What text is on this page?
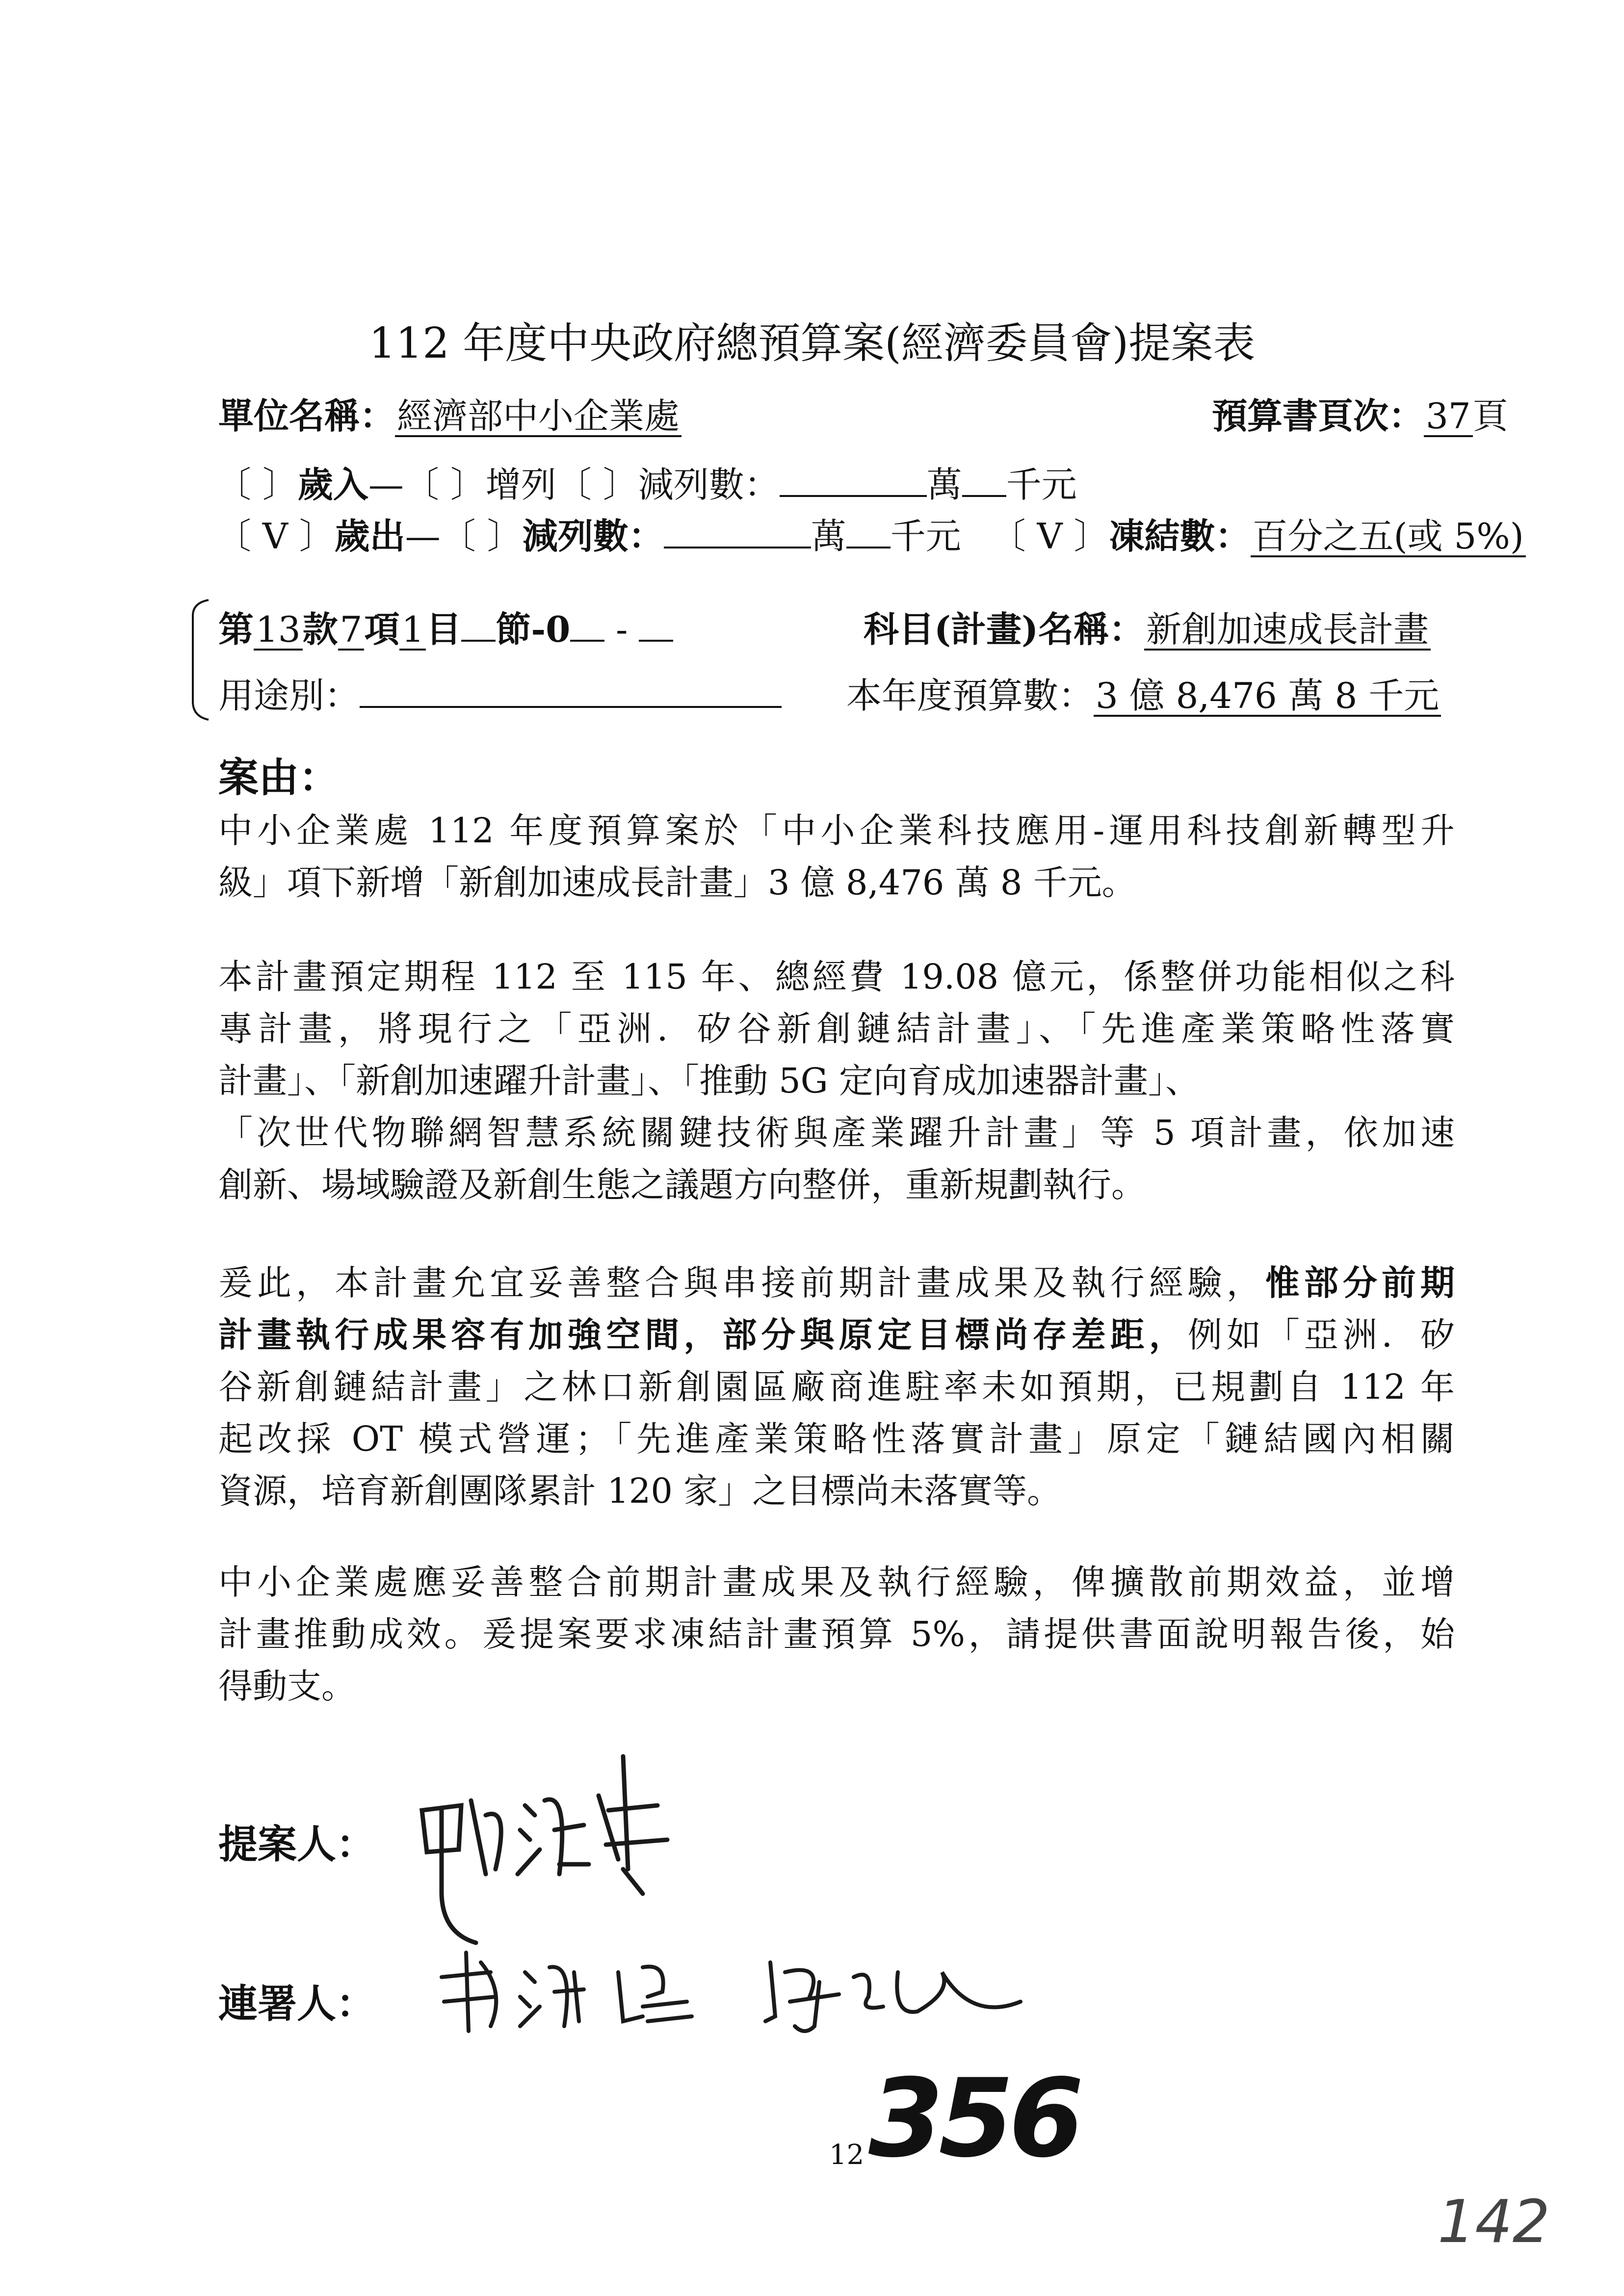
112 年度中央政府總預算案(經濟委員會)提案表
單位名稱：經濟部中小企業處	預算書頁次：37頁
〔 〕歲入—〔 〕增列〔 〕減列數：	萬 千元
〔 V 〕歲出—〔 〕減列數：	萬 千元 〔 V 〕凍結數：百分之五(或 5%)
第13款7項1目 節-0 -	科目(計畫)名稱：新創加速成長計畫
用途別：	本年度預算數：3 億 8,476 萬 8 千元
案由：
中小企業處 112 年度預算案於「中小企業科技應用-運用科技創新轉型升
級」項下新增「新創加速成長計畫」3 億 8,476 萬 8 千元。
本計畫預定期程 112 至 115 年、總經費 19.08 億元，係整併功能相似之科
專計畫，將現行之「亞洲．矽谷新創鏈結計畫」、「先進產業策略性落實
計畫」、「新創加速躍升計畫」、「推動 5G 定向育成加速器計畫」、
「次世代物聯網智慧系統關鍵技術與產業躍升計畫」等 5 項計畫，依加速
創新、場域驗證及新創生態之議題方向整併，重新規劃執行。
爰此，本計畫允宜妥善整合與串接前期計畫成果及執行經驗，惟部分前期
計畫執行成果容有加強空間，部分與原定目標尚存差距，例如「亞洲．矽
谷新創鏈結計畫」之林口新創園區廠商進駐率未如預期，已規劃自 112 年
起改採 OT 模式營運；「先進產業策略性落實計畫」原定「鏈結國內相關
資源，培育新創團隊累計 120 家」之目標尚未落實等。
中小企業處應妥善整合前期計畫成果及執行經驗，俾擴散前期效益，並增
計畫推動成效。爰提案要求凍結計畫預算 5%，請提供書面說明報告後，始
得動支。
提案人：
連署人：
12 356
142
